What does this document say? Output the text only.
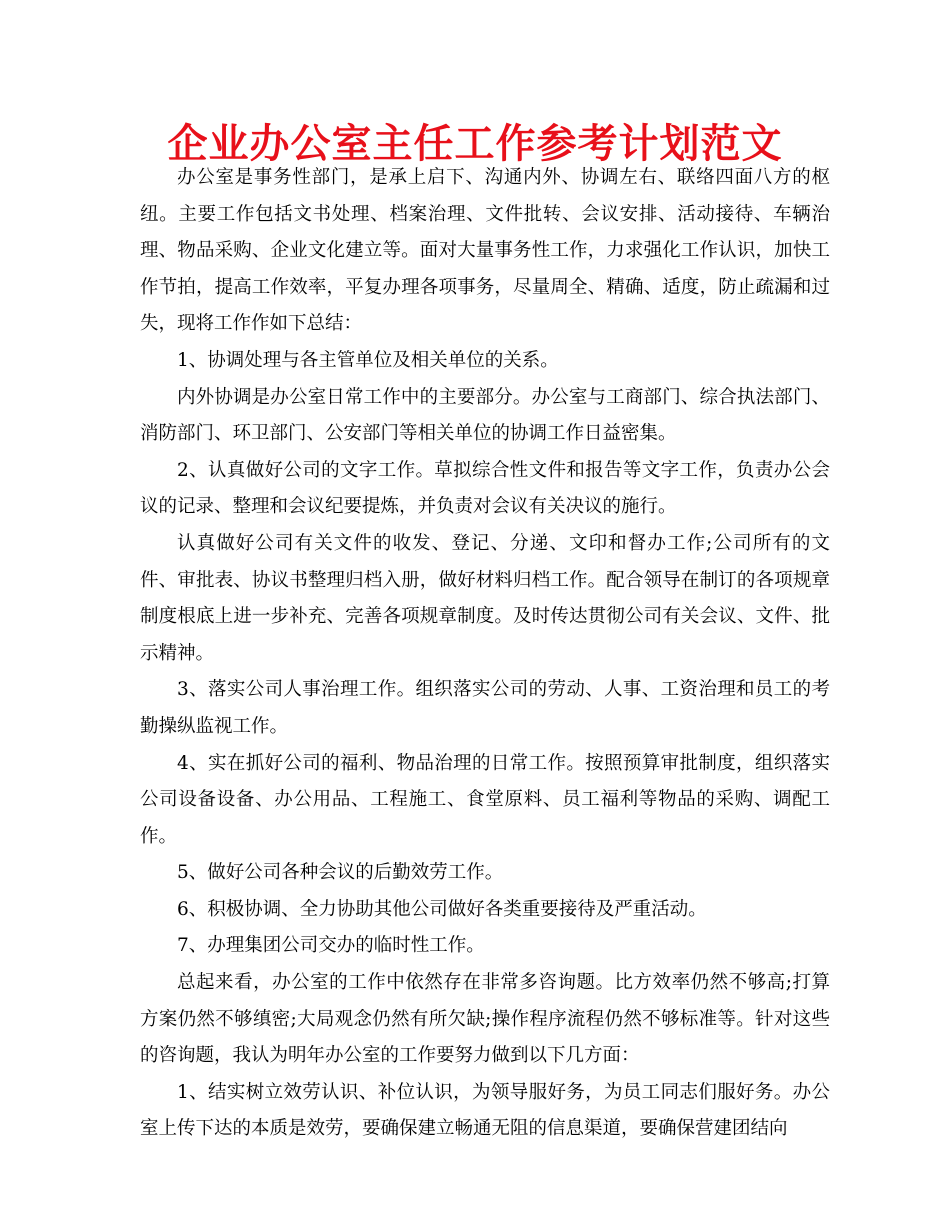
企业办公室主任工作参考计划范文

办公室是事务性部门，是承上启下、沟通内外、协调左右、联络四面八方的枢纽。主要工作包括文书处理、档案治理、文件批转、会议安排、活动接待、车辆治理、物品采购、企业文化建立等。面对大量事务性工作，力求强化工作认识，加快工作节拍，提高工作效率，平复办理各项事务，尽量周全、精确、适度，防止疏漏和过失，现将工作作如下总结：

1、协调处理与各主管单位及相关单位的关系。

内外协调是办公室日常工作中的主要部分。办公室与工商部门、综合执法部门、消防部门、环卫部门、公安部门等相关单位的协调工作日益密集。

2、认真做好公司的文字工作。草拟综合性文件和报告等文字工作，负责办公会议的记录、整理和会议纪要提炼，并负责对会议有关决议的施行。

认真做好公司有关文件的收发、登记、分递、文印和督办工作;公司所有的文件、审批表、协议书整理归档入册，做好材料归档工作。配合领导在制订的各项规章制度根底上进一步补充、完善各项规章制度。及时传达贯彻公司有关会议、文件、批示精神。

3、落实公司人事治理工作。组织落实公司的劳动、人事、工资治理和员工的考勤操纵监视工作。

4、实在抓好公司的福利、物品治理的日常工作。按照预算审批制度，组织落实公司设备设备、办公用品、工程施工、食堂原料、员工福利等物品的采购、调配工作。

5、做好公司各种会议的后勤效劳工作。

6、积极协调、全力协助其他公司做好各类重要接待及严重活动。

7、办理集团公司交办的临时性工作。

总起来看，办公室的工作中依然存在非常多咨询题。比方效率仍然不够高;打算方案仍然不够缜密;大局观念仍然有所欠缺;操作程序流程仍然不够标准等。针对这些的咨询题，我认为明年办公室的工作要努力做到以下几方面：

1、结实树立效劳认识、补位认识，为领导服好务，为员工同志们服好务。办公室上传下达的本质是效劳，要确保建立畅通无阻的信息渠道，要确保营建团结向
